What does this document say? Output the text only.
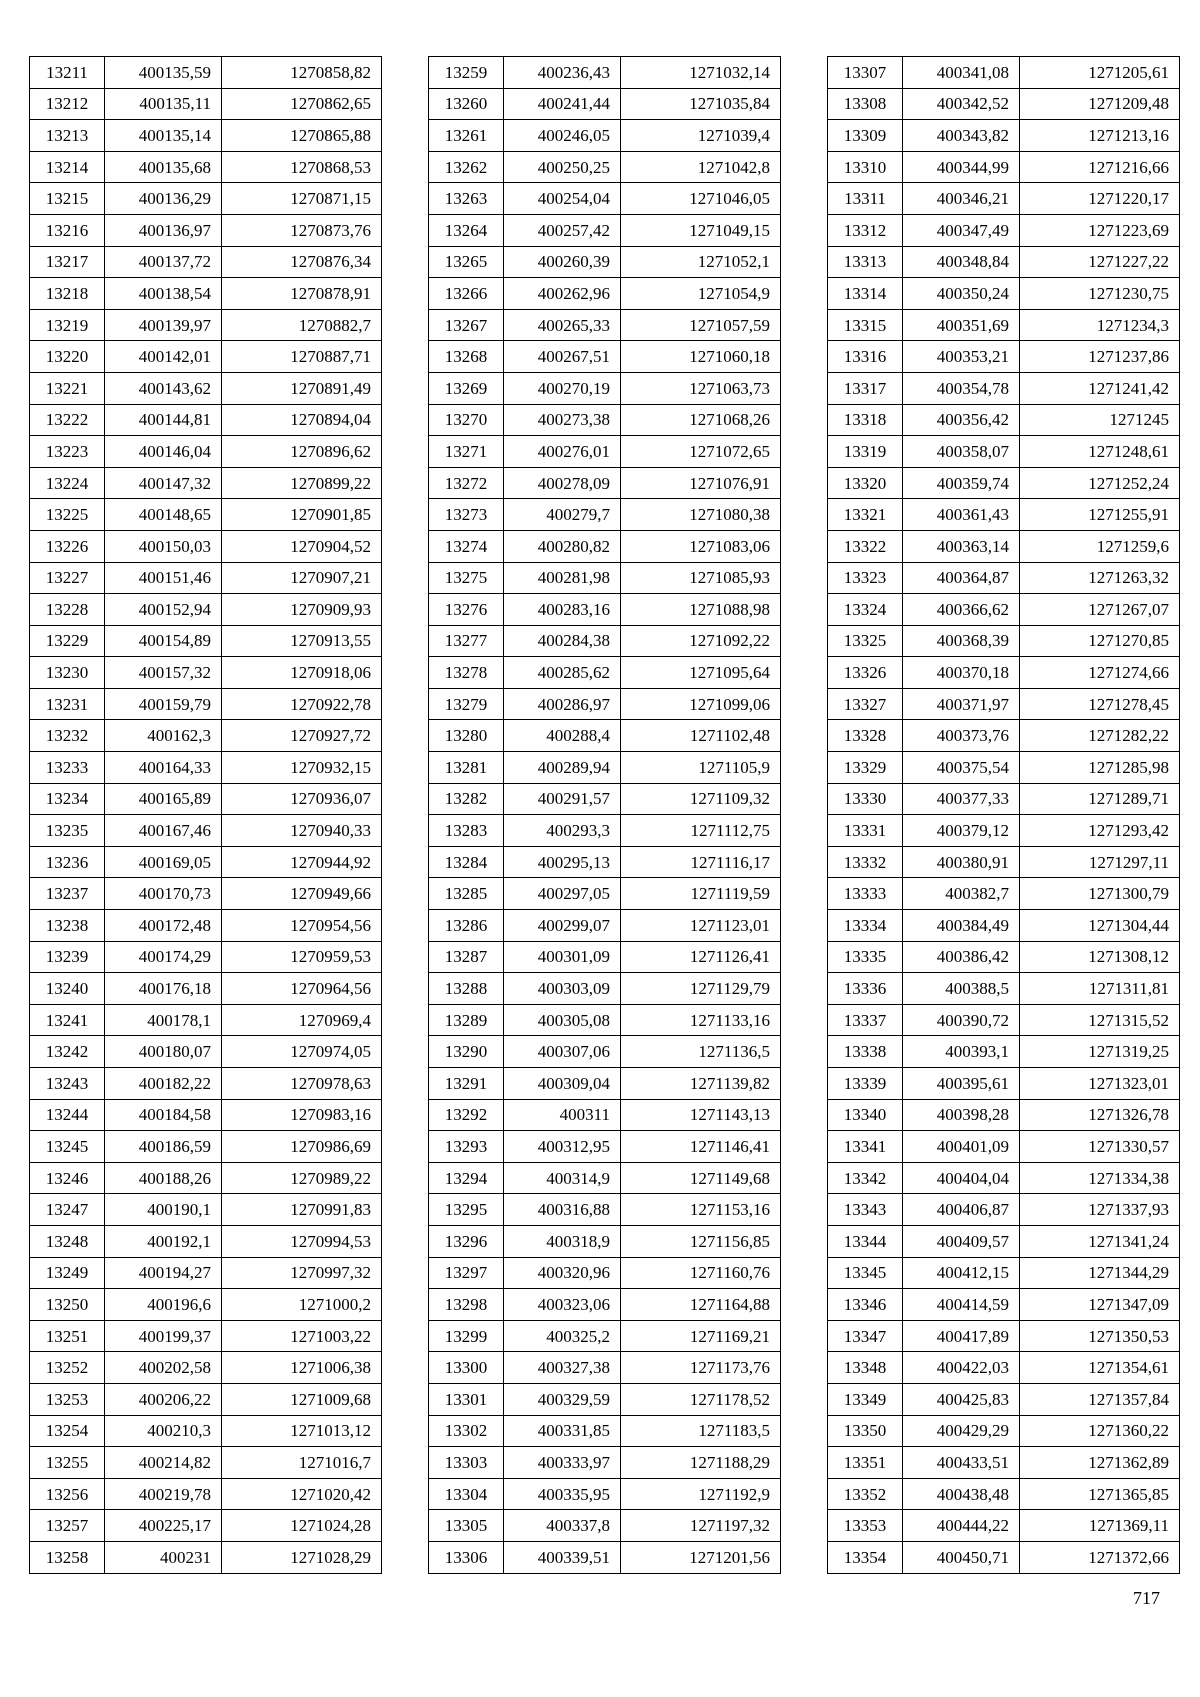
13211	400135,59	1270858,82
13212	400135,11	1270862,65
13213	400135,14	1270865,88
13214	400135,68	1270868,53
13215	400136,29	1270871,15
13216	400136,97	1270873,76
13217	400137,72	1270876,34
13218	400138,54	1270878,91
13219	400139,97	1270882,7
13220	400142,01	1270887,71
13221	400143,62	1270891,49
13222	400144,81	1270894,04
13223	400146,04	1270896,62
13224	400147,32	1270899,22
13225	400148,65	1270901,85
13226	400150,03	1270904,52
13227	400151,46	1270907,21
13228	400152,94	1270909,93
13229	400154,89	1270913,55
13230	400157,32	1270918,06
13231	400159,79	1270922,78
13232	400162,3	1270927,72
13233	400164,33	1270932,15
13234	400165,89	1270936,07
13235	400167,46	1270940,33
13236	400169,05	1270944,92
13237	400170,73	1270949,66
13238	400172,48	1270954,56
13239	400174,29	1270959,53
13240	400176,18	1270964,56
13241	400178,1	1270969,4
13242	400180,07	1270974,05
13243	400182,22	1270978,63
13244	400184,58	1270983,16
13245	400186,59	1270986,69
13246	400188,26	1270989,22
13247	400190,1	1270991,83
13248	400192,1	1270994,53
13249	400194,27	1270997,32
13250	400196,6	1271000,2
13251	400199,37	1271003,22
13252	400202,58	1271006,38
13253	400206,22	1271009,68
13254	400210,3	1271013,12
13255	400214,82	1271016,7
13256	400219,78	1271020,42
13257	400225,17	1271024,28
13258	400231	1271028,29
13259	400236,43	1271032,14
13260	400241,44	1271035,84
13261	400246,05	1271039,4
13262	400250,25	1271042,8
13263	400254,04	1271046,05
13264	400257,42	1271049,15
13265	400260,39	1271052,1
13266	400262,96	1271054,9
13267	400265,33	1271057,59
13268	400267,51	1271060,18
13269	400270,19	1271063,73
13270	400273,38	1271068,26
13271	400276,01	1271072,65
13272	400278,09	1271076,91
13273	400279,7	1271080,38
13274	400280,82	1271083,06
13275	400281,98	1271085,93
13276	400283,16	1271088,98
13277	400284,38	1271092,22
13278	400285,62	1271095,64
13279	400286,97	1271099,06
13280	400288,4	1271102,48
13281	400289,94	1271105,9
13282	400291,57	1271109,32
13283	400293,3	1271112,75
13284	400295,13	1271116,17
13285	400297,05	1271119,59
13286	400299,07	1271123,01
13287	400301,09	1271126,41
13288	400303,09	1271129,79
13289	400305,08	1271133,16
13290	400307,06	1271136,5
13291	400309,04	1271139,82
13292	400311	1271143,13
13293	400312,95	1271146,41
13294	400314,9	1271149,68
13295	400316,88	1271153,16
13296	400318,9	1271156,85
13297	400320,96	1271160,76
13298	400323,06	1271164,88
13299	400325,2	1271169,21
13300	400327,38	1271173,76
13301	400329,59	1271178,52
13302	400331,85	1271183,5
13303	400333,97	1271188,29
13304	400335,95	1271192,9
13305	400337,8	1271197,32
13306	400339,51	1271201,56
13307	400341,08	1271205,61
13308	400342,52	1271209,48
13309	400343,82	1271213,16
13310	400344,99	1271216,66
13311	400346,21	1271220,17
13312	400347,49	1271223,69
13313	400348,84	1271227,22
13314	400350,24	1271230,75
13315	400351,69	1271234,3
13316	400353,21	1271237,86
13317	400354,78	1271241,42
13318	400356,42	1271245
13319	400358,07	1271248,61
13320	400359,74	1271252,24
13321	400361,43	1271255,91
13322	400363,14	1271259,6
13323	400364,87	1271263,32
13324	400366,62	1271267,07
13325	400368,39	1271270,85
13326	400370,18	1271274,66
13327	400371,97	1271278,45
13328	400373,76	1271282,22
13329	400375,54	1271285,98
13330	400377,33	1271289,71
13331	400379,12	1271293,42
13332	400380,91	1271297,11
13333	400382,7	1271300,79
13334	400384,49	1271304,44
13335	400386,42	1271308,12
13336	400388,5	1271311,81
13337	400390,72	1271315,52
13338	400393,1	1271319,25
13339	400395,61	1271323,01
13340	400398,28	1271326,78
13341	400401,09	1271330,57
13342	400404,04	1271334,38
13343	400406,87	1271337,93
13344	400409,57	1271341,24
13345	400412,15	1271344,29
13346	400414,59	1271347,09
13347	400417,89	1271350,53
13348	400422,03	1271354,61
13349	400425,83	1271357,84
13350	400429,29	1271360,22
13351	400433,51	1271362,89
13352	400438,48	1271365,85
13353	400444,22	1271369,11
13354	400450,71	1271372,66
717
